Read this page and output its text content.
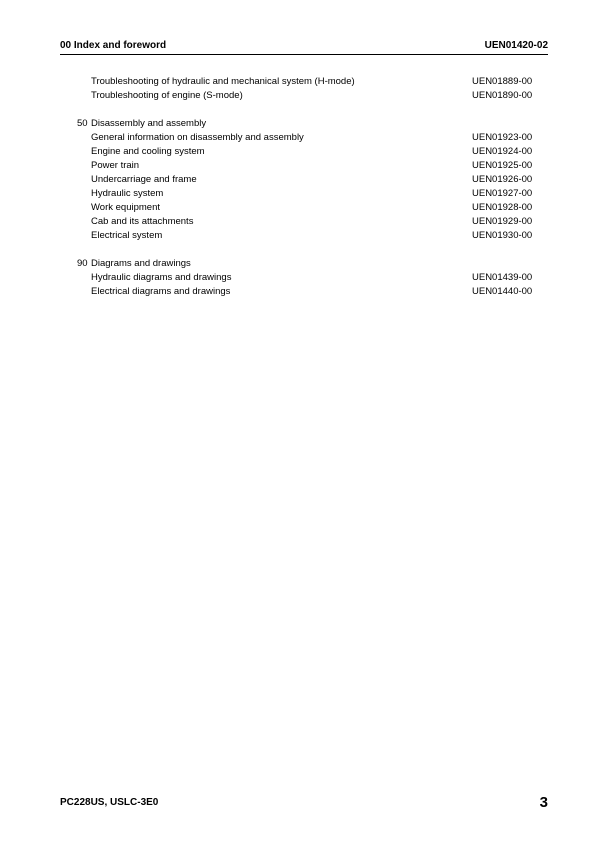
00 Index and foreword	UEN01420-02
Troubleshooting of hydraulic and mechanical system (H-mode)	UEN01889-00
Troubleshooting of engine (S-mode)	UEN01890-00
50 Disassembly and assembly
General information on disassembly and assembly	UEN01923-00
Engine and cooling system	UEN01924-00
Power train	UEN01925-00
Undercarriage and frame	UEN01926-00
Hydraulic system	UEN01927-00
Work equipment	UEN01928-00
Cab and its attachments	UEN01929-00
Electrical system	UEN01930-00
90 Diagrams and drawings
Hydraulic diagrams and drawings	UEN01439-00
Electrical diagrams and drawings	UEN01440-00
PC228US, USLC-3E0	3
